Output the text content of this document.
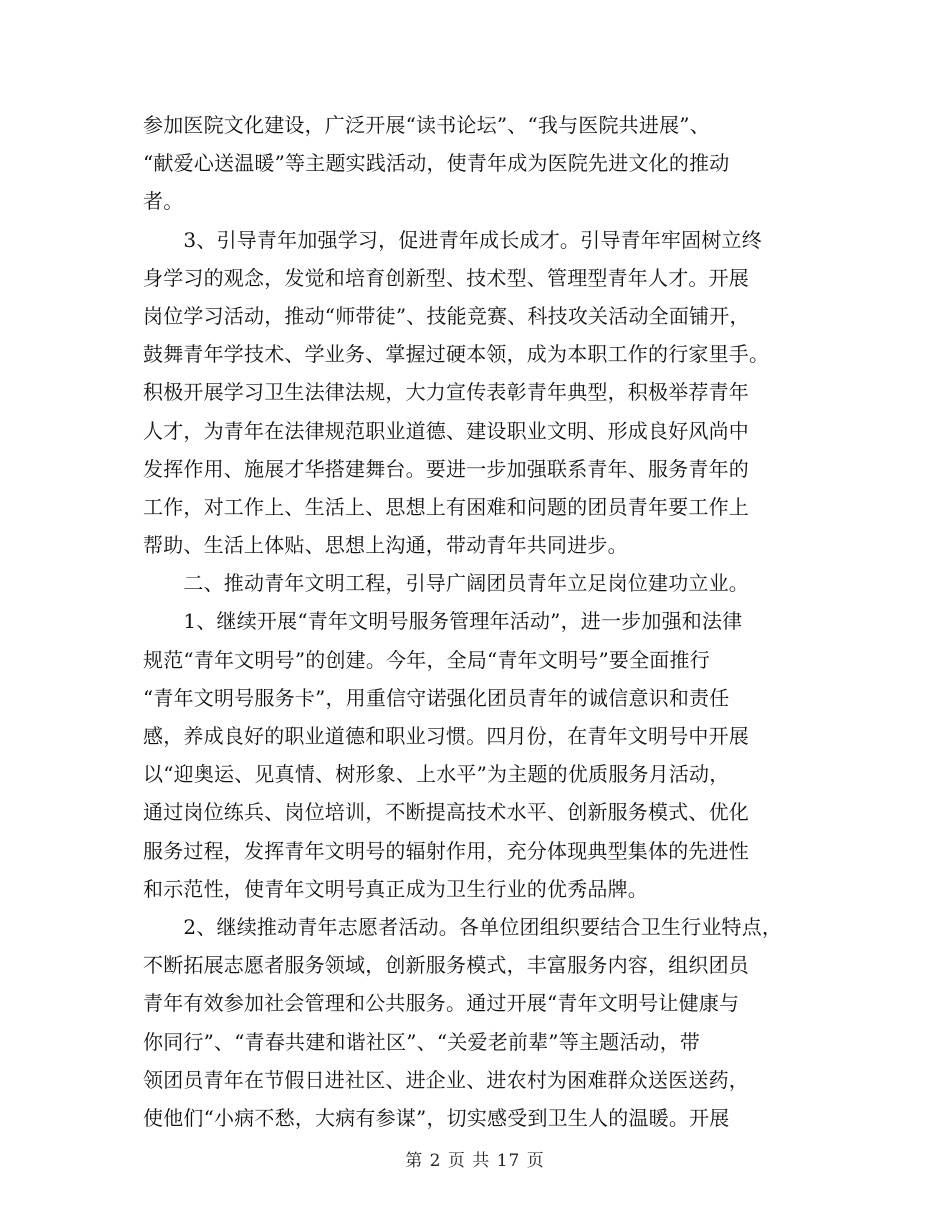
参加医院文化建设，广泛开展“读书论坛”、“我与医院共进展”、
“献爱心送温暖”等主题实践活动，使青年成为医院先进文化的推动
者。
　　3、引导青年加强学习，促进青年成长成才。引导青年牢固树立终
身学习的观念，发觉和培育创新型、技术型、管理型青年人才。开展
岗位学习活动，推动“师带徒”、技能竞赛、科技攻关活动全面铺开，
鼓舞青年学技术、学业务、掌握过硬本领，成为本职工作的行家里手。
积极开展学习卫生法律法规，大力宣传表彰青年典型，积极举荐青年
人才，为青年在法律规范职业道德、建设职业文明、形成良好风尚中
发挥作用、施展才华搭建舞台。要进一步加强联系青年、服务青年的
工作，对工作上、生活上、思想上有困难和问题的团员青年要工作上
帮助、生活上体贴、思想上沟通，带动青年共同进步。
　　二、推动青年文明工程，引导广阔团员青年立足岗位建功立业。
　　1、继续开展“青年文明号服务管理年活动”，进一步加强和法律
规范“青年文明号”的创建。今年，全局“青年文明号”要全面推行
“青年文明号服务卡”，用重信守诺强化团员青年的诚信意识和责任
感，养成良好的职业道德和职业习惯。四月份，在青年文明号中开展
以“迎奥运、见真情、树形象、上水平”为主题的优质服务月活动，
通过岗位练兵、岗位培训，不断提高技术水平、创新服务模式、优化
服务过程，发挥青年文明号的辐射作用，充分体现典型集体的先进性
和示范性，使青年文明号真正成为卫生行业的优秀品牌。
　　2、继续推动青年志愿者活动。各单位团组织要结合卫生行业特点，
不断拓展志愿者服务领域，创新服务模式，丰富服务内容，组织团员
青年有效参加社会管理和公共服务。通过开展“青年文明号让健康与
你同行”、“青春共建和谐社区”、“关爱老前辈”等主题活动，带
领团员青年在节假日进社区、进企业、进农村为困难群众送医送药，
使他们“小病不愁，大病有参谋”，切实感受到卫生人的温暖。开展
第 2 页 共 17 页
